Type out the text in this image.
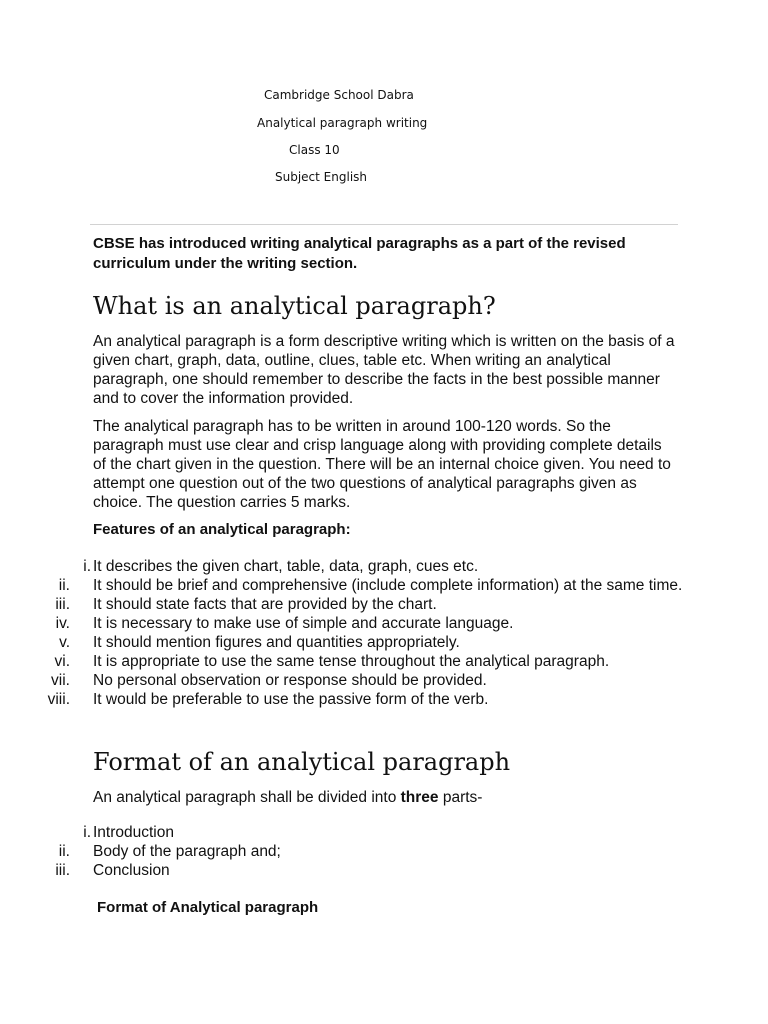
Cambridge School Dabra
Analytical paragraph writing
Class 10
Subject English

CBSE has introduced writing analytical paragraphs as a part of the revised curriculum under the writing section.

What is an analytical paragraph?

An analytical paragraph is a form descriptive writing which is written on the basis of a given chart, graph, data, outline, clues, table etc. When writing an analytical paragraph, one should remember to describe the facts in the best possible manner and to cover the information provided.

The analytical paragraph has to be written in around 100-120 words. So the paragraph must use clear and crisp language along with providing complete details of the chart given in the question. There will be an internal choice given. You need to attempt one question out of the two questions of analytical paragraphs given as choice. The question carries 5 marks.

Features of an analytical paragraph:

i. It describes the given chart, table, data, graph, cues etc.
ii. It should be brief and comprehensive (include complete information) at the same time.
iii. It should state facts that are provided by the chart.
iv. It is necessary to make use of simple and accurate language.
v. It should mention figures and quantities appropriately.
vi. It is appropriate to use the same tense throughout the analytical paragraph.
vii. No personal observation or response should be provided.
viii. It would be preferable to use the passive form of the verb.
Format of an analytical paragraph

An analytical paragraph shall be divided into three parts-

i. Introduction
ii. Body of the paragraph and;
iii. Conclusion

Format of Analytical paragraph
